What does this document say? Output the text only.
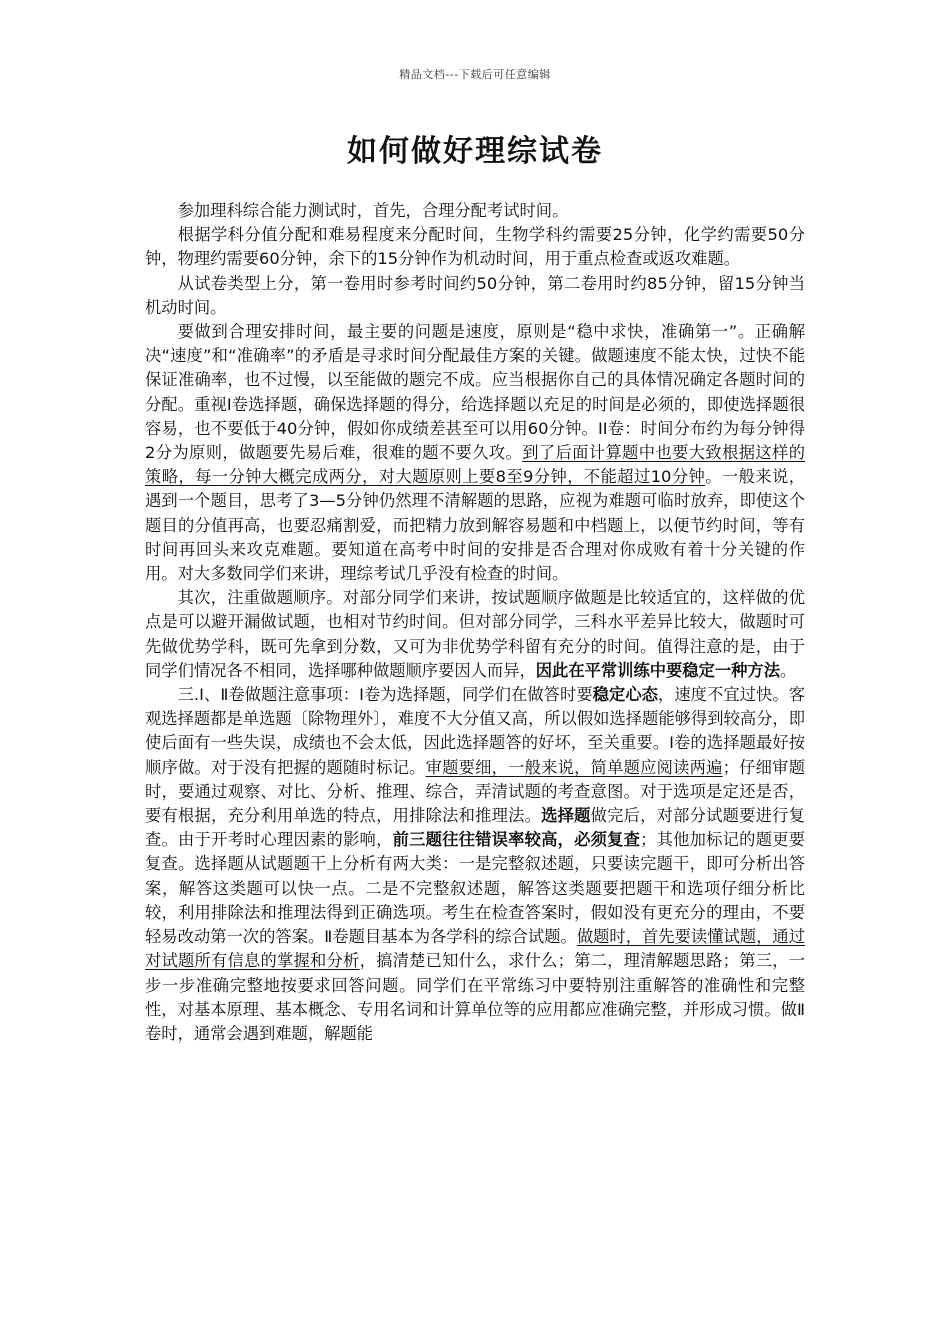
精品文档---下载后可任意编辑
如何做好理综试卷

参加理科综合能力测试时，首先，合理分配考试时间。

根据学科分值分配和难易程度来分配时间，生物学科约需要25分钟，化学约需要50分钟，物理约需要60分钟，余下的15分钟作为机动时间，用于重点检查或返攻难题。

从试卷类型上分，第一卷用时参考时间约50分钟，第二卷用时约85分钟，留15分钟当机动时间。

要做到合理安排时间，最主要的问题是速度，原则是“稳中求快，准确第一”。正确解决“速度”和“准确率”的矛盾是寻求时间分配最佳方案的关键。做题速度不能太快，过快不能保证准确率，也不过慢，以至能做的题完不成。应当根据你自己的具体情况确定各题时间的分配。重视Ⅰ卷选择题，确保选择题的得分，给选择题以充足的时间是必须的，即使选择题很容易，也不要低于40分钟，假如你成绩差甚至可以用60分钟。II卷：时间分布约为每分钟得2分为原则，做题要先易后难，很难的题不要久攻。到了后面计算题中也要大致根据这样的策略，每一分钟大概完成两分，对大题原则上要8至9分钟，不能超过10分钟。一般来说，遇到一个题目，思考了3—5分钟仍然理不清解题的思路，应视为难题可临时放弃，即使这个题目的分值再高，也要忍痛割爱，而把精力放到解容易题和中档题上，以便节约时间，等有时间再回头来攻克难题。要知道在高考中时间的安排是否合理对你成败有着十分关键的作用。对大多数同学们来讲，理综考试几乎没有检查的时间。

其次，注重做题顺序。对部分同学们来讲，按试题顺序做题是比较适宜的，这样做的优点是可以避开漏做试题，也相对节约时间。但对部分同学，三科水平差异比较大，做题时可先做优势学科，既可先拿到分数，又可为非优势学科留有充分的时间。值得注意的是，由于同学们情况各不相同，选择哪种做题顺序要因人而异，因此在平常训练中要稳定一种方法。

三.Ⅰ、Ⅱ卷做题注意事项：Ⅰ卷为选择题，同学们在做答时要稳定心态，速度不宜过快。客观选择题都是单选题〔除物理外〕，难度不大分值又高，所以假如选择题能够得到较高分，即使后面有一些失误，成绩也不会太低，因此选择题答的好坏，至关重要。Ⅰ卷的选择题最好按顺序做。对于没有把握的题随时标记。审题要细，一般来说，简单题应阅读两遍；仔细审题时，要通过观察、对比、分析、推理、综合，弄清试题的考查意图。对于选项是定还是否，要有根据，充分利用单选的特点，用排除法和推理法。选择题做完后，对部分试题要进行复查。由于开考时心理因素的影响，前三题往往错误率较高，必须复查；其他加标记的题更要复查。选择题从试题题干上分析有两大类：一是完整叙述题，只要读完题干，即可分析出答案，解答这类题可以快一点。二是不完整叙述题，解答这类题要把题干和选项仔细分析比较，利用排除法和推理法得到正确选项。考生在检查答案时，假如没有更充分的理由，不要轻易改动第一次的答案。Ⅱ卷题目基本为各学科的综合试题。做题时，首先要读懂试题，通过对试题所有信息的掌握和分析，搞清楚已知什么，求什么；第二，理清解题思路；第三，一步一步准确完整地按要求回答问题。同学们在平常练习中要特别注重解答的准确性和完整性，对基本原理、基本概念、专用名词和计算单位等的应用都应准确完整，并形成习惯。做Ⅱ卷时，通常会遇到难题，解题能
